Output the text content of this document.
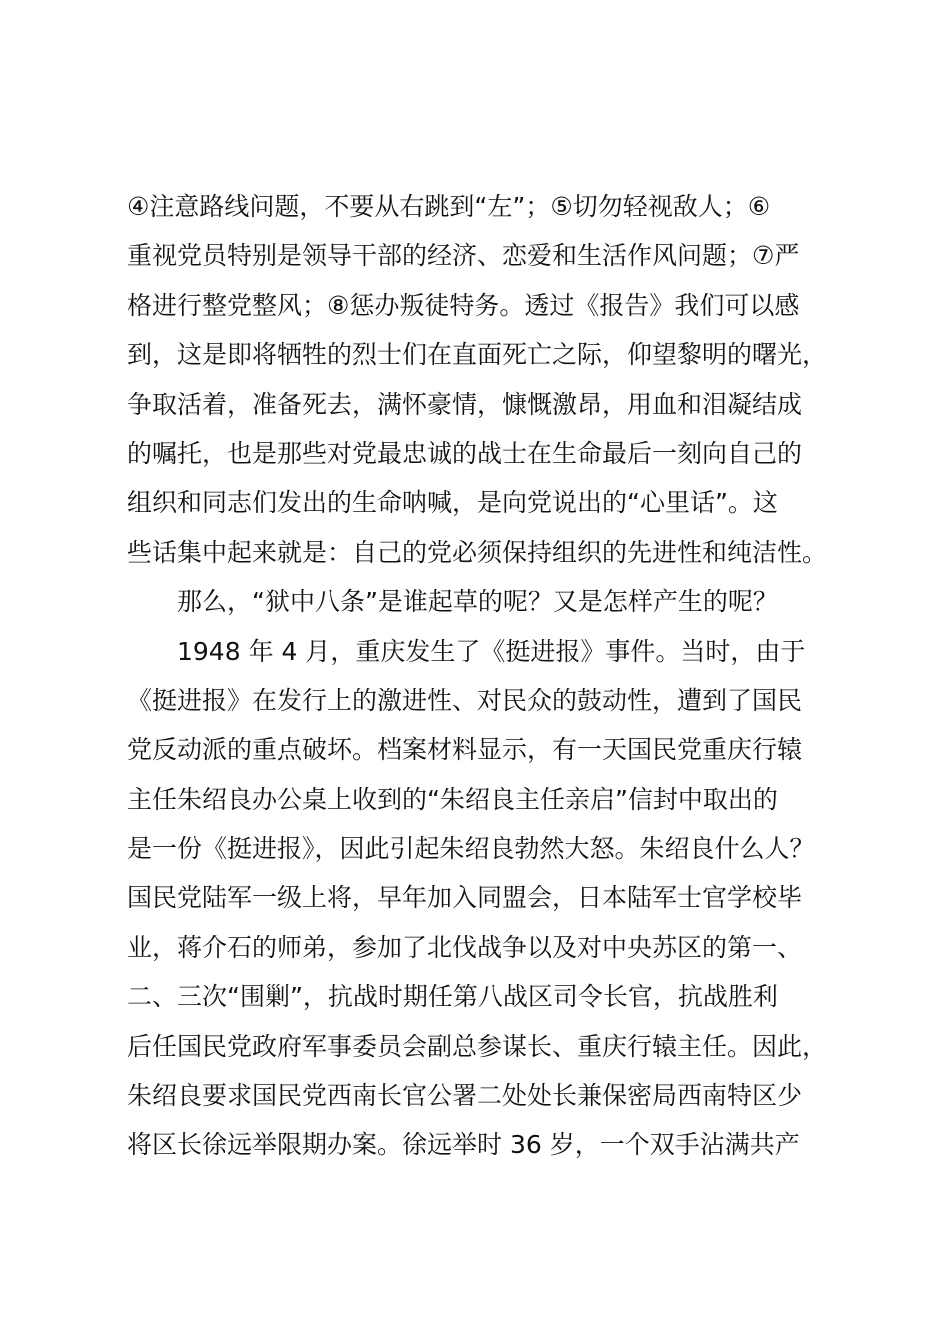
④注意路线问题，不要从右跳到“左”；⑤切勿轻视敌人；⑥
重视党员特别是领导干部的经济、恋爱和生活作风问题；⑦严
格进行整党整风；⑧惩办叛徒特务。透过《报告》我们可以感
到，这是即将牺牲的烈士们在直面死亡之际，仰望黎明的曙光，
争取活着，准备死去，满怀豪情，慷慨激昂，用血和泪凝结成
的嘱托，也是那些对党最忠诚的战士在生命最后一刻向自己的
组织和同志们发出的生命呐喊，是向党说出的“心里话”。这
些话集中起来就是：自己的党必须保持组织的先进性和纯洁性。
那么，“狱中八条”是谁起草的呢？又是怎样产生的呢？
1948 年 4 月，重庆发生了《挺进报》事件。当时，由于
《挺进报》在发行上的激进性、对民众的鼓动性，遭到了国民
党反动派的重点破坏。档案材料显示，有一天国民党重庆行辕
主任朱绍良办公桌上收到的“朱绍良主任亲启”信封中取出的
是一份《挺进报》，因此引起朱绍良勃然大怒。朱绍良什么人？
国民党陆军一级上将，早年加入同盟会，日本陆军士官学校毕
业，蒋介石的师弟，参加了北伐战争以及对中央苏区的第一、
二、三次“围剿”，抗战时期任第八战区司令长官，抗战胜利
后任国民党政府军事委员会副总参谋长、重庆行辕主任。因此，
朱绍良要求国民党西南长官公署二处处长兼保密局西南特区少
将区长徐远举限期办案。徐远举时 36 岁，一个双手沾满共产
